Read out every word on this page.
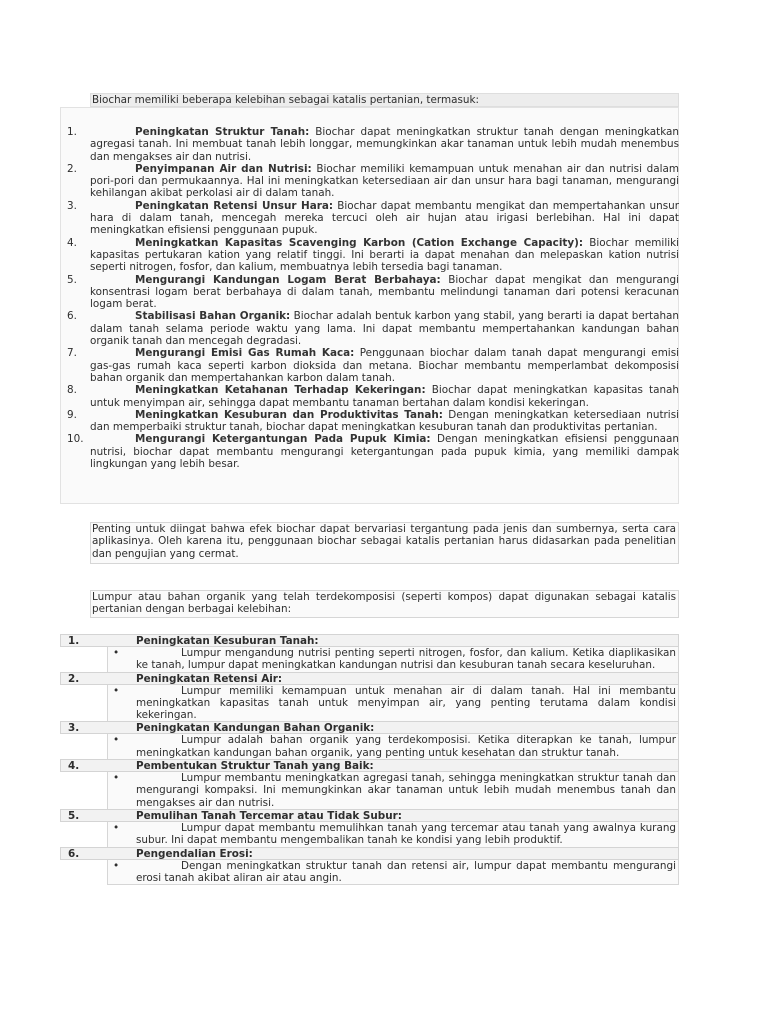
Biochar memiliki beberapa kelebihan sebagai katalis pertanian, termasuk:

1.	Peningkatan Struktur Tanah: Biochar dapat meningkatkan struktur tanah dengan meningkatkan agregasi tanah. Ini membuat tanah lebih longgar, memungkinkan akar tanaman untuk lebih mudah menembus dan mengakses air dan nutrisi.

2.	Penyimpanan Air dan Nutrisi: Biochar memiliki kemampuan untuk menahan air dan nutrisi dalam pori-pori dan permukaannya. Hal ini meningkatkan ketersediaan air dan unsur hara bagi tanaman, mengurangi kehilangan akibat perkolasi air di dalam tanah.

3.	Peningkatan Retensi Unsur Hara: Biochar dapat membantu mengikat dan mempertahankan unsur hara di dalam tanah, mencegah mereka tercuci oleh air hujan atau irigasi berlebihan. Hal ini dapat meningkatkan efisiensi penggunaan pupuk.

4.	Meningkatkan Kapasitas Scavenging Karbon (Cation Exchange Capacity): Biochar memiliki kapasitas pertukaran kation yang relatif tinggi. Ini berarti ia dapat menahan dan melepaskan kation nutrisi seperti nitrogen, fosfor, dan kalium, membuatnya lebih tersedia bagi tanaman.

5.	Mengurangi Kandungan Logam Berat Berbahaya: Biochar dapat mengikat dan mengurangi konsentrasi logam berat berbahaya di dalam tanah, membantu melindungi tanaman dari potensi keracunan logam berat.

6.	Stabilisasi Bahan Organik: Biochar adalah bentuk karbon yang stabil, yang berarti ia dapat bertahan dalam tanah selama periode waktu yang lama. Ini dapat membantu mempertahankan kandungan bahan organik tanah dan mencegah degradasi.

7.	Mengurangi Emisi Gas Rumah Kaca: Penggunaan biochar dalam tanah dapat mengurangi emisi gas-gas rumah kaca seperti karbon dioksida dan metana. Biochar membantu memperlambat dekomposisi bahan organik dan mempertahankan karbon dalam tanah.

8.	Meningkatkan Ketahanan Terhadap Kekeringan: Biochar dapat meningkatkan kapasitas tanah untuk menyimpan air, sehingga dapat membantu tanaman bertahan dalam kondisi kekeringan.

9.	Meningkatkan Kesuburan dan Produktivitas Tanah: Dengan meningkatkan ketersediaan nutrisi dan memperbaiki struktur tanah, biochar dapat meningkatkan kesuburan tanah dan produktivitas pertanian.

10.	Mengurangi Ketergantungan Pada Pupuk Kimia: Dengan meningkatkan efisiensi penggunaan nutrisi, biochar dapat membantu mengurangi ketergantungan pada pupuk kimia, yang memiliki dampak lingkungan yang lebih besar.

Penting untuk diingat bahwa efek biochar dapat bervariasi tergantung pada jenis dan sumbernya, serta cara aplikasinya. Oleh karena itu, penggunaan biochar sebagai katalis pertanian harus didasarkan pada penelitian dan pengujian yang cermat.

Lumpur atau bahan organik yang telah terdekomposisi (seperti kompos) dapat digunakan sebagai katalis pertanian dengan berbagai kelebihan:

1.	Peningkatan Kesuburan Tanah:
•	Lumpur mengandung nutrisi penting seperti nitrogen, fosfor, dan kalium. Ketika diaplikasikan ke tanah, lumpur dapat meningkatkan kandungan nutrisi dan kesuburan tanah secara keseluruhan.

2.	Peningkatan Retensi Air:
•	Lumpur memiliki kemampuan untuk menahan air di dalam tanah. Hal ini membantu meningkatkan kapasitas tanah untuk menyimpan air, yang penting terutama dalam kondisi kekeringan.

3.	Peningkatan Kandungan Bahan Organik:
•	Lumpur adalah bahan organik yang terdekomposisi. Ketika diterapkan ke tanah, lumpur meningkatkan kandungan bahan organik, yang penting untuk kesehatan dan struktur tanah.

4.	Pembentukan Struktur Tanah yang Baik:
•	Lumpur membantu meningkatkan agregasi tanah, sehingga meningkatkan struktur tanah dan mengurangi kompaksi. Ini memungkinkan akar tanaman untuk lebih mudah menembus tanah dan mengakses air dan nutrisi.

5.	Pemulihan Tanah Tercemar atau Tidak Subur:
•	Lumpur dapat membantu memulihkan tanah yang tercemar atau tanah yang awalnya kurang subur. Ini dapat membantu mengembalikan tanah ke kondisi yang lebih produktif.

6.	Pengendalian Erosi:
•	Dengan meningkatkan struktur tanah dan retensi air, lumpur dapat membantu mengurangi erosi tanah akibat aliran air atau angin.
